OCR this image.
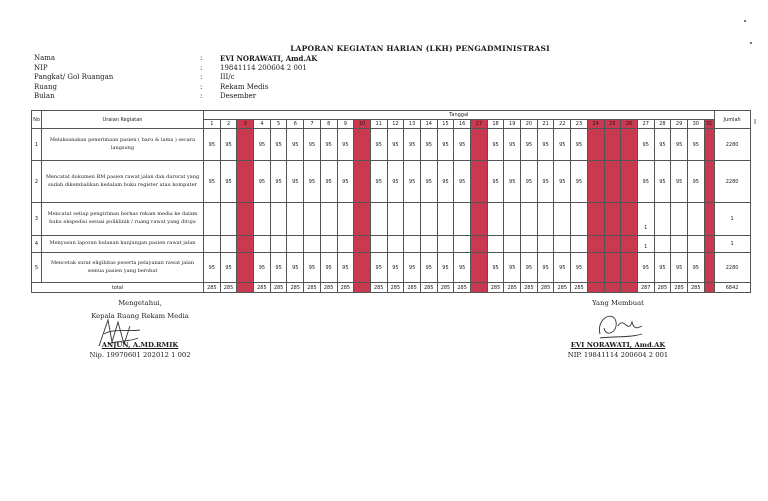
LAPORAN KEGIATAN HARIAN (LKH) PENGADMINISTRASI
Nama	:	EVI NORAWATI, Amd.AK
NIP	:	19841114 200604 2 001
Pangkat/ Gol Ruangan	:	III/c
Ruang	:	Rekam Medis
Bulan	:	Desember
No	Uraian Kegiatan	Tanggal																															Jumlah
		1	2	3	4	5	6	7	8	9	10	11	12	13	14	15	16	17	18	19	20	21	22	23	24	25	26	27	28	29	30	31	
1	Melaksanakan penerimaan pasien ( baru & lama ) secara langsung	95	95		95	95	95	95	95	95		95	95	95	95	95	95		95	95	95	95	95	95				95	95	95	95		2280
2	Mencatat dokumen RM pasien rawat jalan dan darurat yang sudah dikembalikan kedalam buku register atau komputer	95	95		95	95	95	95	95	95		95	95	95	95	95	95		95	95	95	95	95	95				95	95	95	95		2280
3	Mencatat setiap pengiriman berkas rekam media ke dalam buku ekspedisi sesuai poliklinik / ruang rawat yang dituju																											1					1
4	Menyusun laporan bulanan kunjungan pasien rawat jalan																											1					1
5	Mencetak surat eligibitas peserta pelayanan rawat jalan semua pasien yang berobat	95	95		95	95	95	95	95	95		95	95	95	95	95	95		95	95	95	95	95	95				95	95	95	95		2280
total		285	285		285	285	285	285	285	285		285	285	285	285	285	285		285	285	285	285	285	285				287	285	285	285		6842
I
Mengetahui,
Kepala Ruang Rekam Media
ANJUN, A.MD.RMIK
Nip. 19970601 202012 1 002
Yang Membuat
EVI NORAWATI, Amd.AK
NIP. 19841114 200604 2 001
